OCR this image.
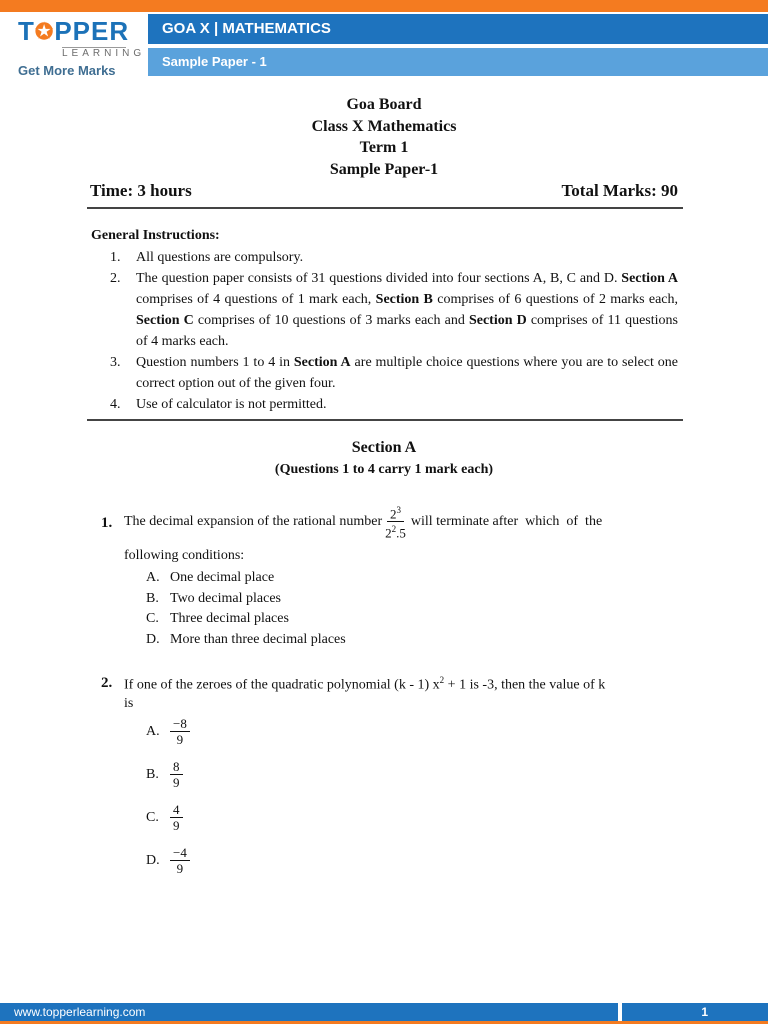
T✪PPER
LEARNING
Get More Marks
GOA X | MATHEMATICS
Sample Paper - 1
Goa Board
Class X Mathematics
Term 1
Sample Paper-1
Time: 3 hours	Total Marks: 90
General Instructions:
1.	All questions are compulsory.
2.	The question paper consists of 31 questions divided into four sections A, B, C and D. Section A comprises of 4 questions of 1 mark each, Section B comprises of 6 questions of 2 marks each, Section C comprises of 10 questions of 3 marks each and Section D comprises of 11 questions of 4 marks each.
3.	Question numbers 1 to 4 in Section A are multiple choice questions where you are to select one correct option out of the given four.
4.	Use of calculator is not permitted.
Section A
(Questions 1 to 4 carry 1 mark each)
1. The decimal expansion of the rational number $\frac{2^3}{2^2.5}$ will terminate after  which  of  the
following conditions:
A. One decimal place
B. Two decimal places
C. Three decimal places
D. More than three decimal places
2. If one of the zeroes of the quadratic polynomial (k - 1) $x^2 + 1$ is -3, then the value of k
is
A. $\frac{-8}{9}$
B. $\frac{8}{9}$
C. $\frac{4}{9}$
D. $\frac{-4}{9}$
www.topperlearning.com	1
